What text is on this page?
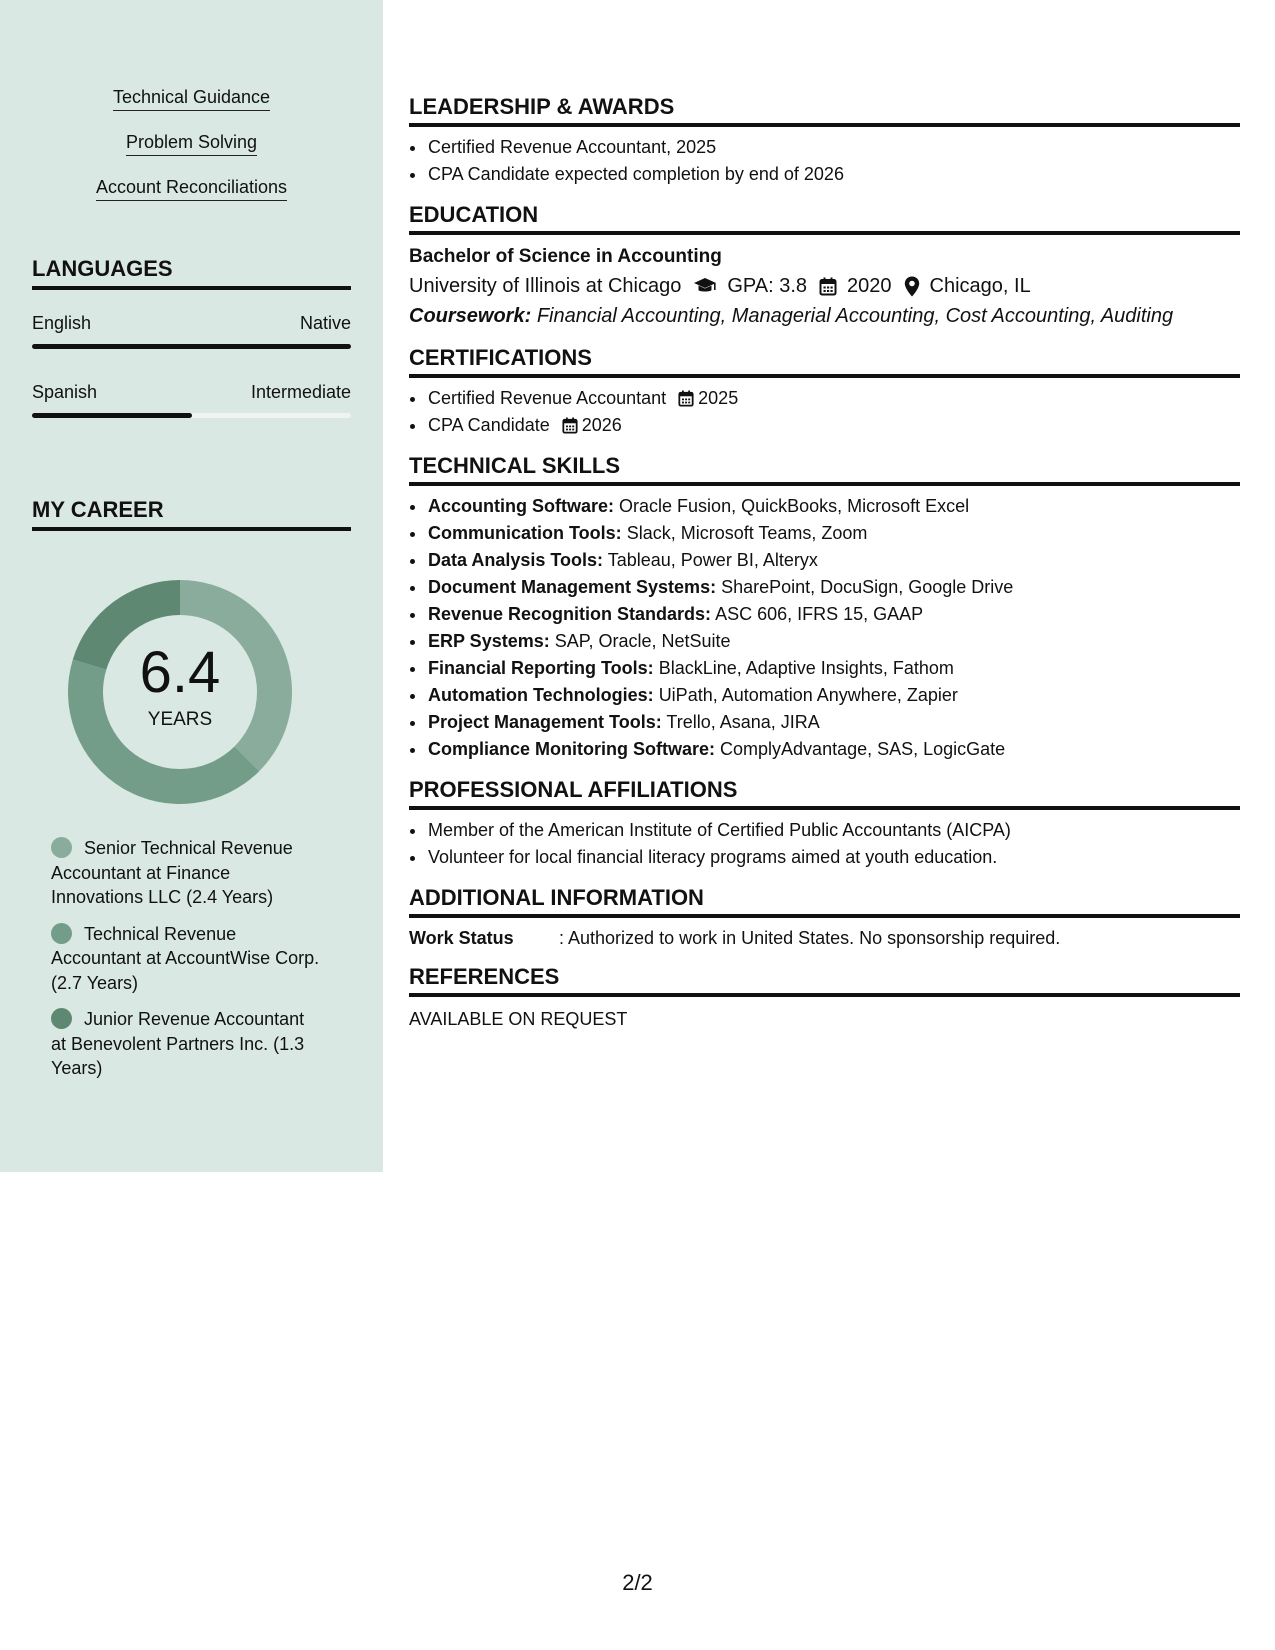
Technical Guidance
Problem Solving
Account Reconciliations
LANGUAGES
English	Native
Spanish	Intermediate
MY CAREER
6.4
YEARS
Senior Technical Revenue Accountant at Finance Innovations LLC (2.4 Years)
Technical Revenue Accountant at AccountWise Corp. (2.7 Years)
Junior Revenue Accountant at Benevolent Partners Inc. (1.3 Years)
LEADERSHIP & AWARDS
• Certified Revenue Accountant, 2025
• CPA Candidate expected completion by end of 2026
EDUCATION
Bachelor of Science in Accounting
University of Illinois at Chicago GPA: 3.8 2020 Chicago, IL
Coursework: Financial Accounting, Managerial Accounting, Cost Accounting, Auditing
CERTIFICATIONS
• Certified Revenue Accountant 2025
• CPA Candidate 2026
TECHNICAL SKILLS
• Accounting Software: Oracle Fusion, QuickBooks, Microsoft Excel
• Communication Tools: Slack, Microsoft Teams, Zoom
• Data Analysis Tools: Tableau, Power BI, Alteryx
• Document Management Systems: SharePoint, DocuSign, Google Drive
• Revenue Recognition Standards: ASC 606, IFRS 15, GAAP
• ERP Systems: SAP, Oracle, NetSuite
• Financial Reporting Tools: BlackLine, Adaptive Insights, Fathom
• Automation Technologies: UiPath, Automation Anywhere, Zapier
• Project Management Tools: Trello, Asana, JIRA
• Compliance Monitoring Software: ComplyAdvantage, SAS, LogicGate
PROFESSIONAL AFFILIATIONS
• Member of the American Institute of Certified Public Accountants (AICPA)
• Volunteer for local financial literacy programs aimed at youth education.
ADDITIONAL INFORMATION
Work Status	: Authorized to work in United States. No sponsorship required.
REFERENCES
AVAILABLE ON REQUEST
2/2
